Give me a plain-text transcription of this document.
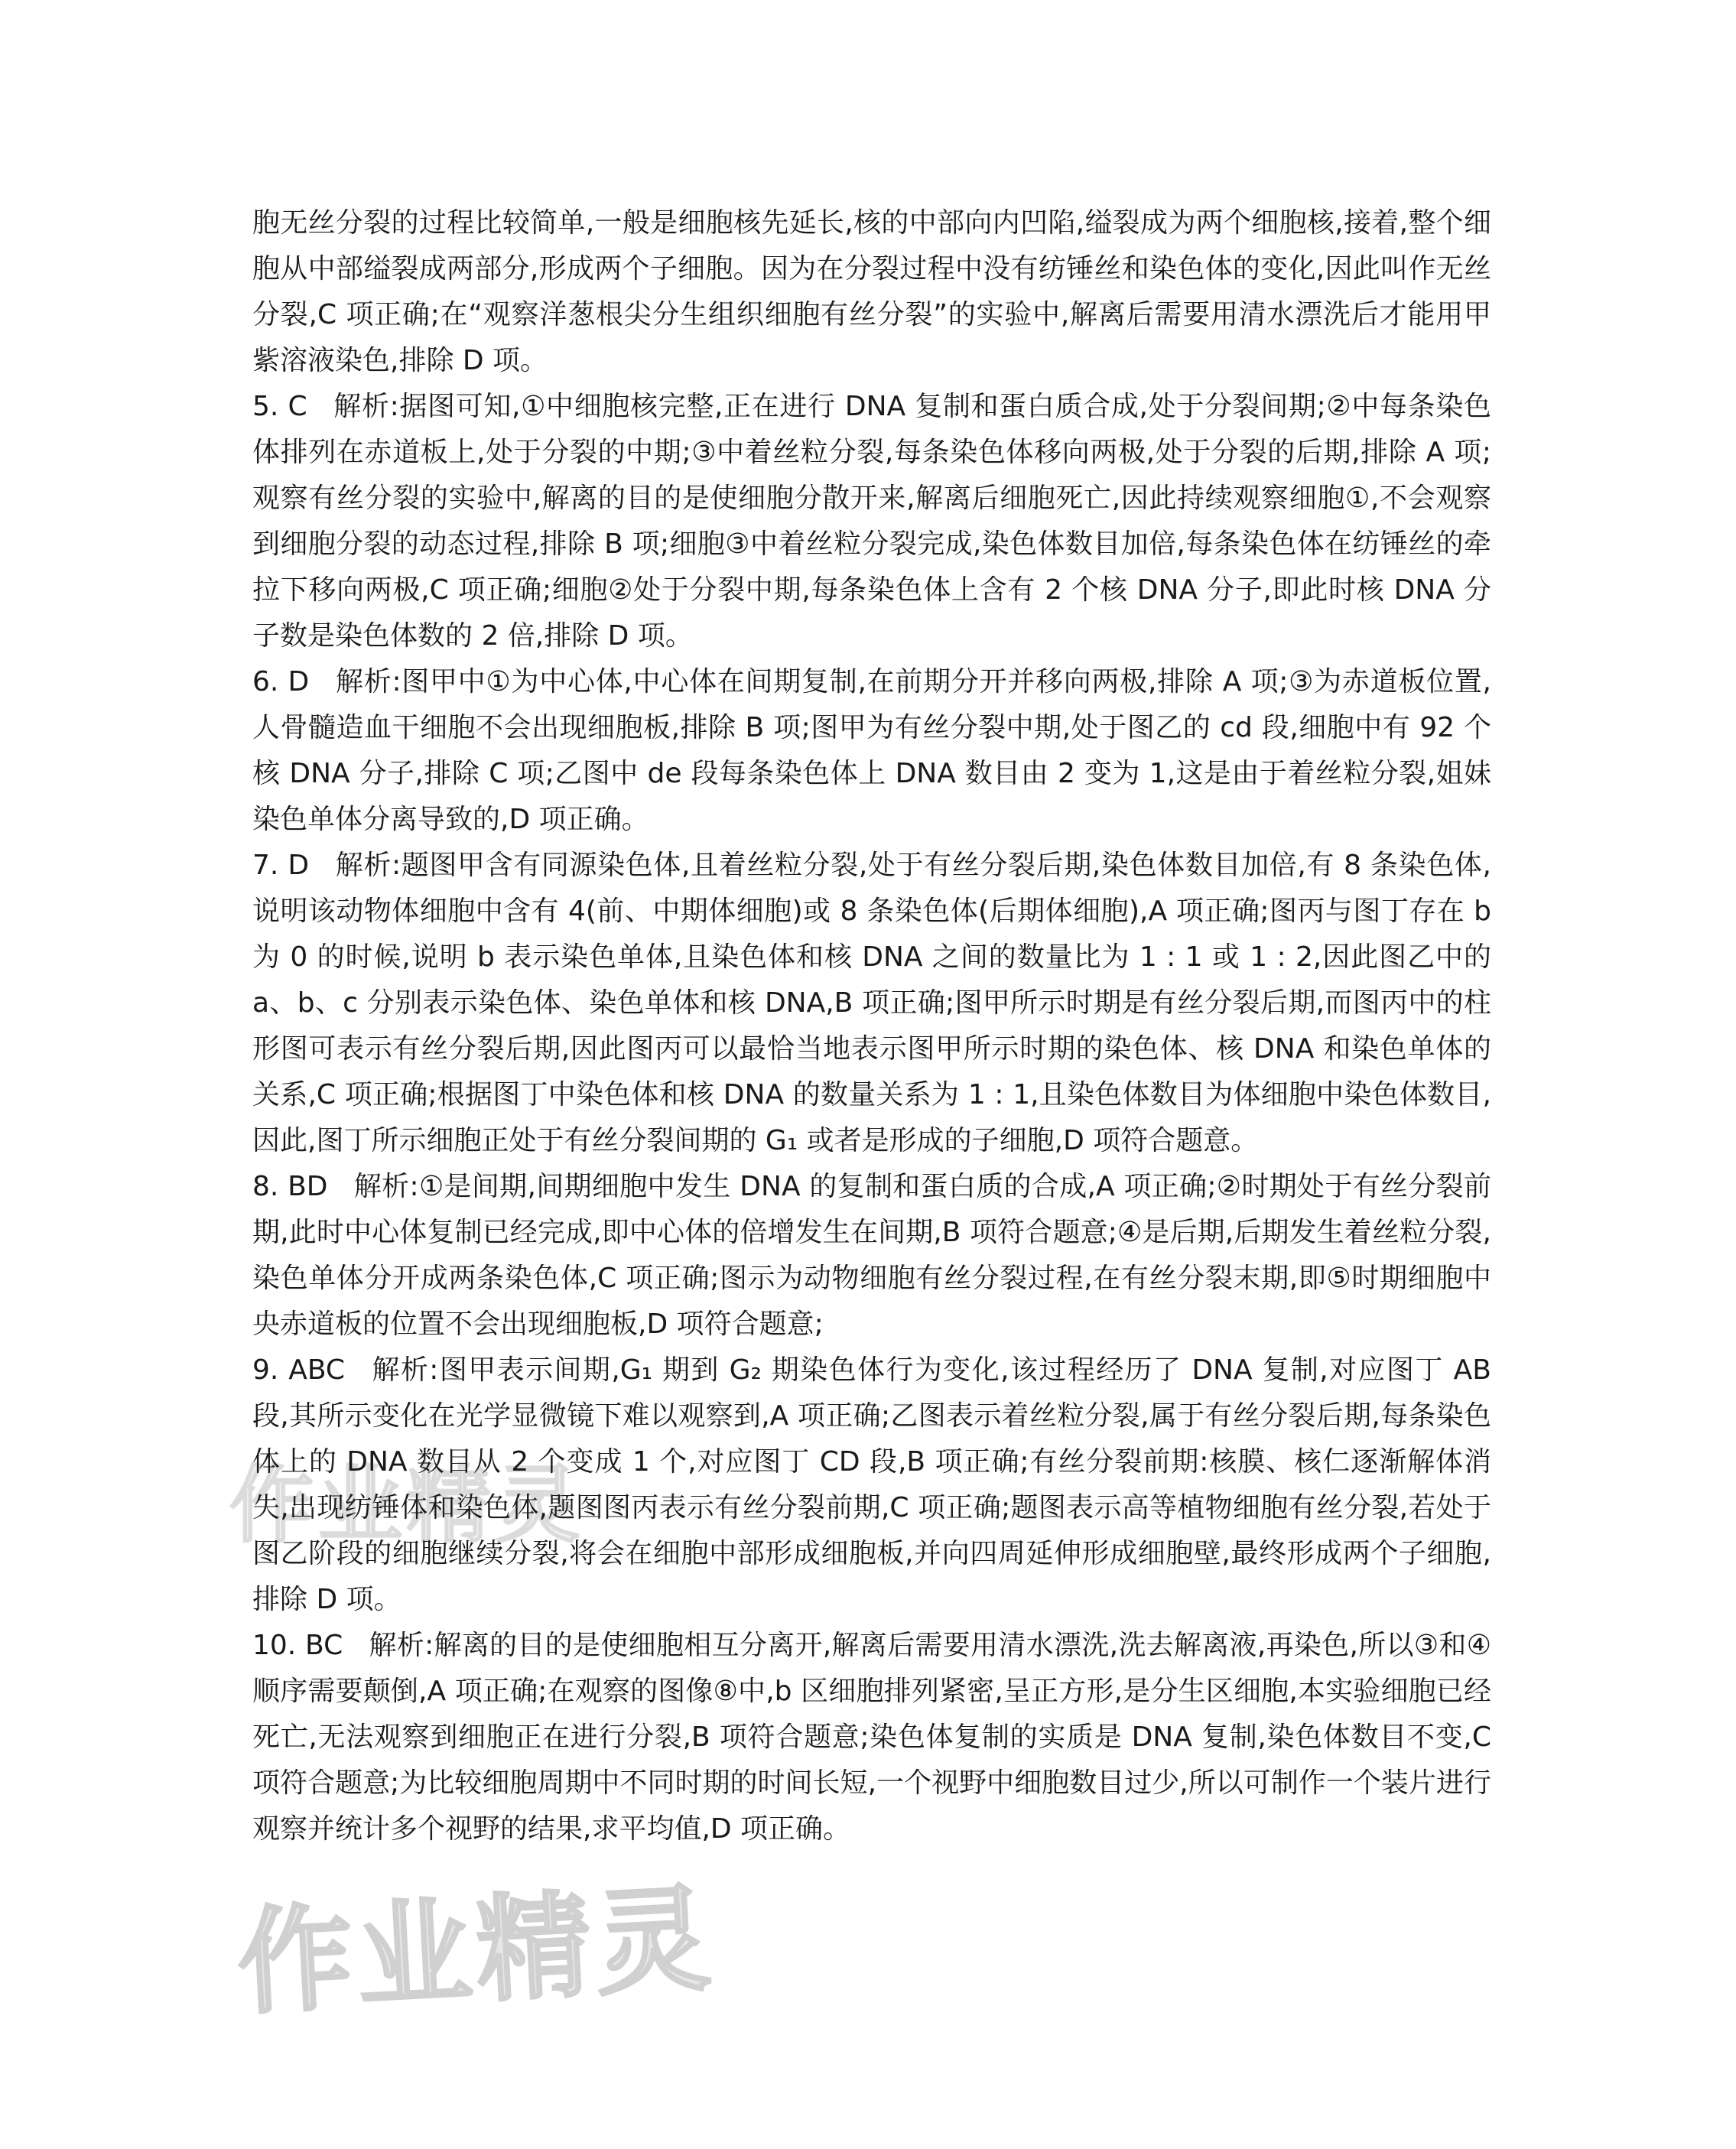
作业精灵

胞无丝分裂的过程比较简单,一般是细胞核先延长,核的中部向内凹陷,缢裂成为两个细胞核,接着,整个细胞从中部缢裂成两部分,形成两个子细胞。因为在分裂过程中没有纺锤丝和染色体的变化,因此叫作无丝分裂,C 项正确;在“观察洋葱根尖分生组织细胞有丝分裂”的实验中,解离后需要用清水漂洗后才能用甲紫溶液染色,排除 D 项。

5. C 解析:据图可知,①中细胞核完整,正在进行 DNA 复制和蛋白质合成,处于分裂间期;②中每条染色体排列在赤道板上,处于分裂的中期;③中着丝粒分裂,每条染色体移向两极,处于分裂的后期,排除 A 项;观察有丝分裂的实验中,解离的目的是使细胞分散开来,解离后细胞死亡,因此持续观察细胞①,不会观察到细胞分裂的动态过程,排除 B 项;细胞③中着丝粒分裂完成,染色体数目加倍,每条染色体在纺锤丝的牵拉下移向两极,C 项正确;细胞②处于分裂中期,每条染色体上含有 2 个核 DNA 分子,即此时核 DNA 分子数是染色体数的 2 倍,排除 D 项。

6. D 解析:图甲中①为中心体,中心体在间期复制,在前期分开并移向两极,排除 A 项;③为赤道板位置,人骨髓造血干细胞不会出现细胞板,排除 B 项;图甲为有丝分裂中期,处于图乙的 cd 段,细胞中有 92 个核 DNA 分子,排除 C 项;乙图中 de 段每条染色体上 DNA 数目由 2 变为 1,这是由于着丝粒分裂,姐妹染色单体分离导致的,D 项正确。

7. D 解析:题图甲含有同源染色体,且着丝粒分裂,处于有丝分裂后期,染色体数目加倍,有 8 条染色体,说明该动物体细胞中含有 4(前、中期体细胞)或 8 条染色体(后期体细胞),A 项正确;图丙与图丁存在 b 为 0 的时候,说明 b 表示染色单体,且染色体和核 DNA 之间的数量比为 1 : 1 或 1 : 2,因此图乙中的 a、b、c 分别表示染色体、染色单体和核 DNA,B 项正确;图甲所示时期是有丝分裂后期,而图丙中的柱形图可表示有丝分裂后期,因此图丙可以最恰当地表示图甲所示时期的染色体、核 DNA 和染色单体的关系,C 项正确;根据图丁中染色体和核 DNA 的数量关系为 1 : 1,且染色体数目为体细胞中染色体数目,因此,图丁所示细胞正处于有丝分裂间期的 G₁ 或者是形成的子细胞,D 项符合题意。

8. BD 解析:①是间期,间期细胞中发生 DNA 的复制和蛋白质的合成,A 项正确;②时期处于有丝分裂前期,此时中心体复制已经完成,即中心体的倍增发生在间期,B 项符合题意;④是后期,后期发生着丝粒分裂,染色单体分开成两条染色体,C 项正确;图示为动物细胞有丝分裂过程,在有丝分裂末期,即⑤时期细胞中央赤道板的位置不会出现细胞板,D 项符合题意;

9. ABC 解析:图甲表示间期,G₁ 期到 G₂ 期染色体行为变化,该过程经历了 DNA 复制,对应图丁 AB 段,其所示变化在光学显微镜下难以观察到,A 项正确;乙图表示着丝粒分裂,属于有丝分裂后期,每条染色体上的 DNA 数目从 2 个变成 1 个,对应图丁 CD 段,B 项正确;有丝分裂前期:核膜、核仁逐渐解体消失,出现纺锤体和染色体,题图图丙表示有丝分裂前期,C 项正确;题图表示高等植物细胞有丝分裂,若处于图乙阶段的细胞继续分裂,将会在细胞中部形成细胞板,并向四周延伸形成细胞壁,最终形成两个子细胞,排除 D 项。

10. BC 解析:解离的目的是使细胞相互分离开,解离后需要用清水漂洗,洗去解离液,再染色,所以③和④顺序需要颠倒,A 项正确;在观察的图像⑧中,b 区细胞排列紧密,呈正方形,是分生区细胞,本实验细胞已经死亡,无法观察到细胞正在进行分裂,B 项符合题意;染色体复制的实质是 DNA 复制,染色体数目不变,C 项符合题意;为比较细胞周期中不同时期的时间长短,一个视野中细胞数目过少,所以可制作一个装片进行观察并统计多个视野的结果,求平均值,D 项正确。

作业精灵
